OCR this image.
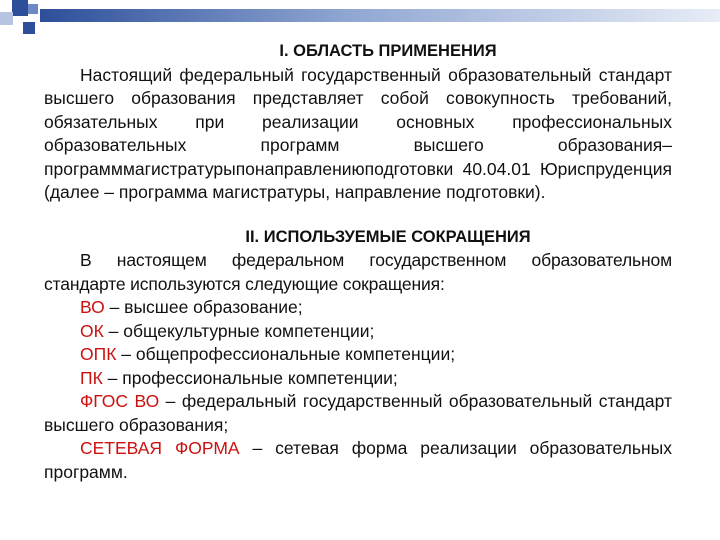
I. ОБЛАСТЬ ПРИМЕНЕНИЯ
Настоящий федеральный государственный образовательный стандарт высшего образования представляет собой совокупность требований, обязательных при реализации основных профессиональных образовательных программ высшего образования–программмагистратурыпонаправлениюподготовки 40.04.01 Юриспруденция (далее – программа магистратуры, направление подготовки).
II. ИСПОЛЬЗУЕМЫЕ СОКРАЩЕНИЯ
В настоящем федеральном государственном образовательном стандарте используются следующие сокращения:
ВО – высшее образование;
ОК – общекультурные компетенции;
ОПК – общепрофессиональные компетенции;
ПК – профессиональные компетенции;
ФГОС ВО – федеральный государственный образовательный стандарт высшего образования;
СЕТЕВАЯ ФОРМА – сетевая форма реализации образовательных программ.
